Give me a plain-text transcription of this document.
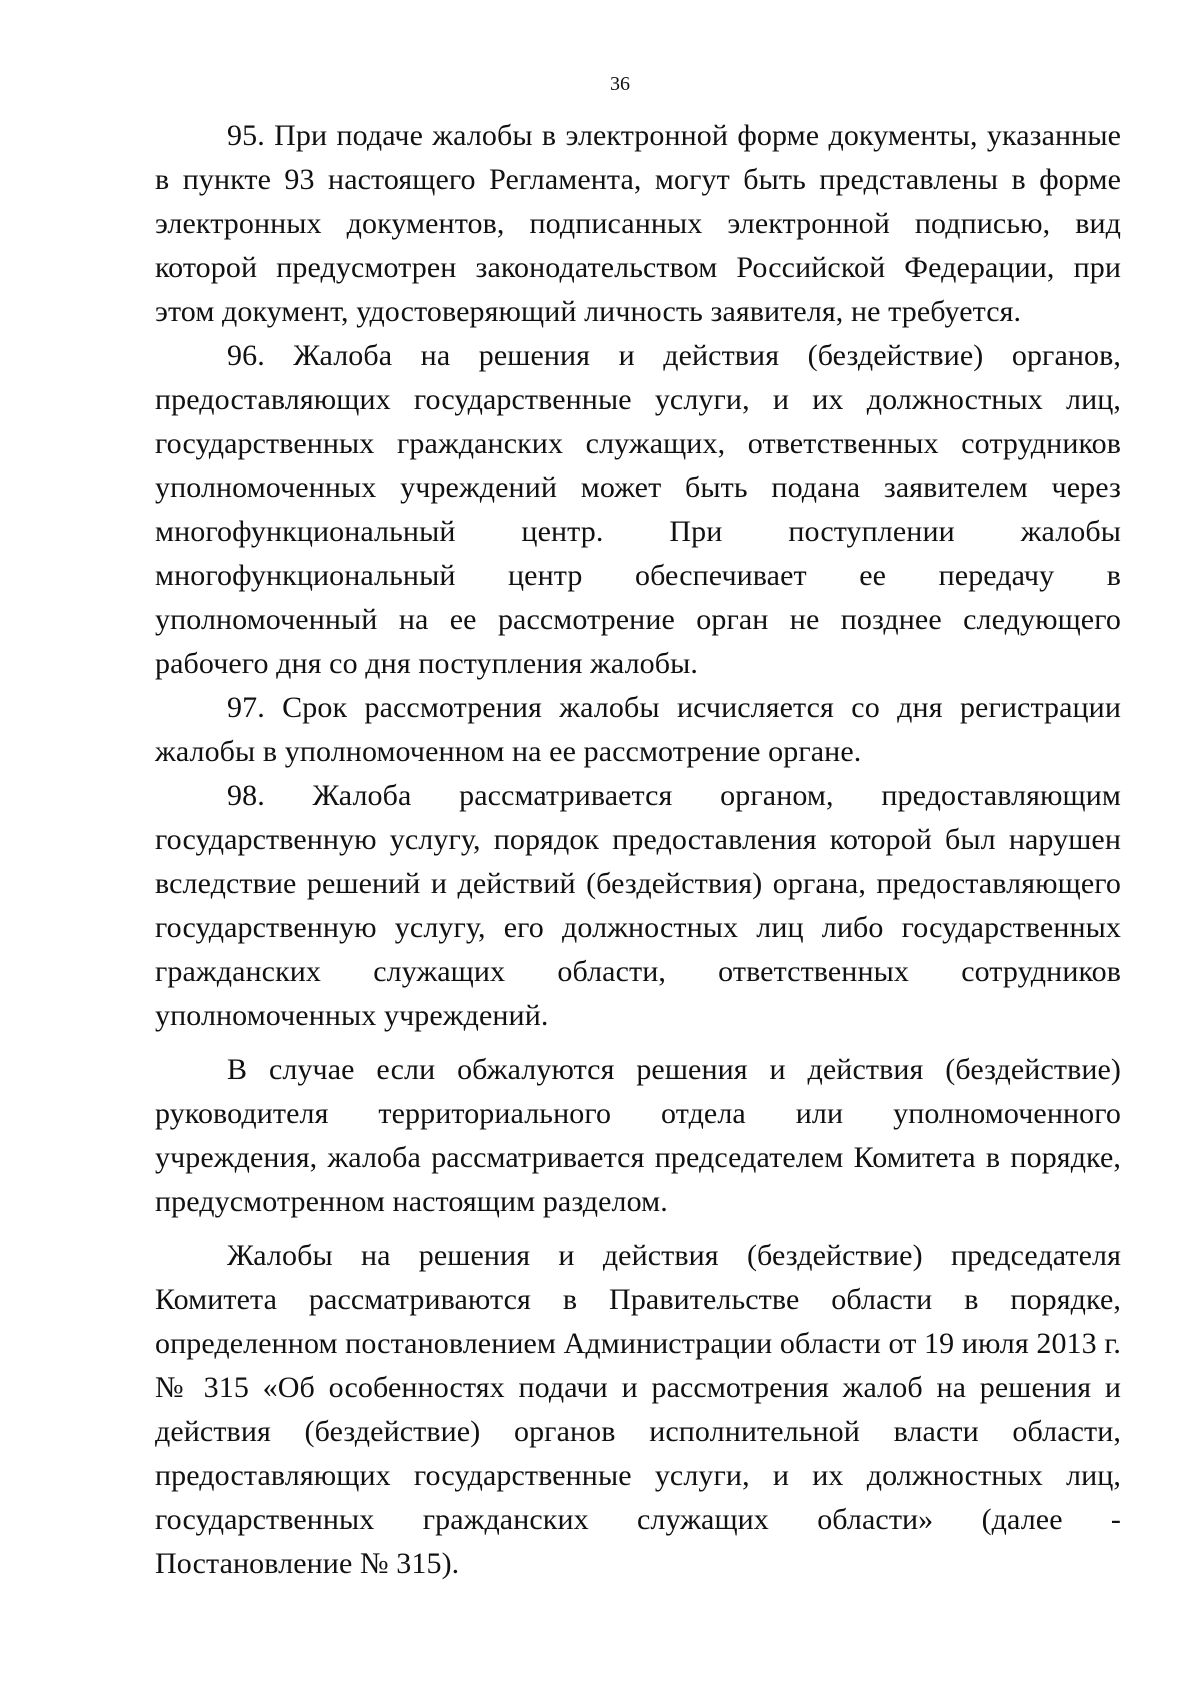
36

95. При подаче жалобы в электронной форме документы, указанные в пункте 93 настоящего Регламента, могут быть представлены в форме электронных документов, подписанных электронной подписью, вид которой предусмотрен законодательством Российской Федерации, при этом документ, удостоверяющий личность заявителя, не требуется.

96. Жалоба на решения и действия (бездействие) органов, предоставляющих государственные услуги, и их должностных лиц, государственных гражданских служащих, ответственных сотрудников уполномоченных учреждений может быть подана заявителем через многофункциональный центр. При поступлении жалобы многофункциональный центр обеспечивает ее передачу в уполномоченный на ее рассмотрение орган не позднее следующего рабочего дня со дня поступления жалобы.

97. Срок рассмотрения жалобы исчисляется со дня регистрации жалобы в уполномоченном на ее рассмотрение органе.

98. Жалоба рассматривается органом, предоставляющим государственную услугу, порядок предоставления которой был нарушен вследствие решений и действий (бездействия) органа, предоставляющего государственную услугу, его должностных лиц либо государственных гражданских служащих области, ответственных сотрудников уполномоченных учреждений.

В случае если обжалуются решения и действия (бездействие) руководителя территориального отдела или уполномоченного учреждения, жалоба рассматривается председателем Комитета в порядке, предусмотренном настоящим разделом.

Жалобы на решения и действия (бездействие) председателя Комитета рассматриваются в Правительстве области в порядке, определенном постановлением Администрации области от 19 июля 2013 г. № 315 «Об особенностях подачи и рассмотрения жалоб на решения и действия (бездействие) органов исполнительной власти области, предоставляющих государственные услуги, и их должностных лиц, государственных гражданских служащих области» (далее - Постановление № 315).
